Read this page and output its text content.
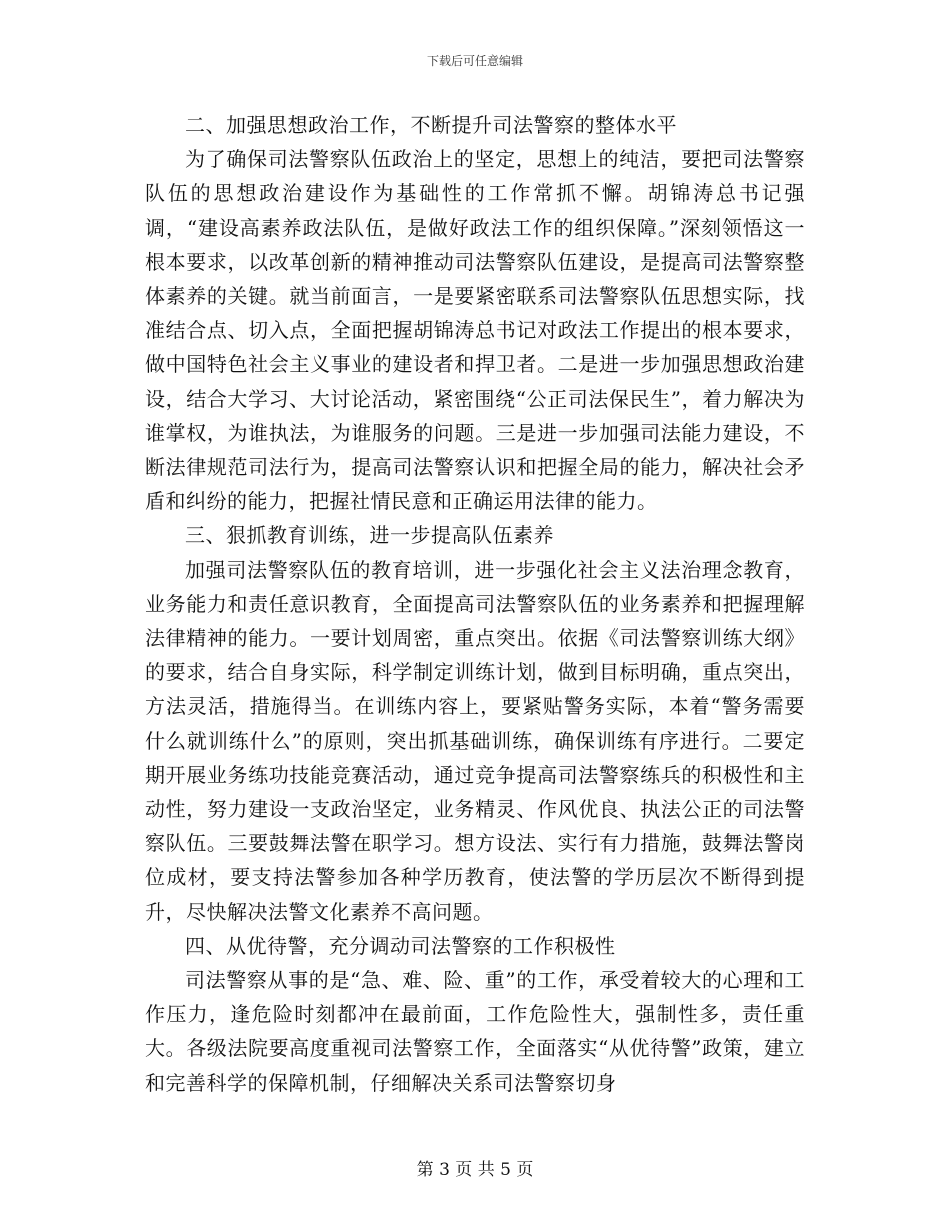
下载后可任意编辑

二、加强思想政治工作，不断提升司法警察的整体水平

为了确保司法警察队伍政治上的坚定，思想上的纯洁，要把司法警察队伍的思想政治建设作为基础性的工作常抓不懈。胡锦涛总书记强调，“建设高素养政法队伍，是做好政法工作的组织保障。”深刻领悟这一根本要求，以改革创新的精神推动司法警察队伍建设，是提高司法警察整体素养的关键。就当前面言，一是要紧密联系司法警察队伍思想实际，找准结合点、切入点，全面把握胡锦涛总书记对政法工作提出的根本要求，做中国特色社会主义事业的建设者和捍卫者。二是进一步加强思想政治建设，结合大学习、大讨论活动，紧密围绕“公正司法保民生”，着力解决为谁掌权，为谁执法，为谁服务的问题。三是进一步加强司法能力建设，不断法律规范司法行为，提高司法警察认识和把握全局的能力，解决社会矛盾和纠纷的能力，把握社情民意和正确运用法律的能力。

三、狠抓教育训练，进一步提高队伍素养

加强司法警察队伍的教育培训，进一步强化社会主义法治理念教育，业务能力和责任意识教育，全面提高司法警察队伍的业务素养和把握理解法律精神的能力。一要计划周密，重点突出。依据《司法警察训练大纲》的要求，结合自身实际，科学制定训练计划，做到目标明确，重点突出，方法灵活，措施得当。在训练内容上，要紧贴警务实际，本着“警务需要什么就训练什么”的原则，突出抓基础训练，确保训练有序进行。二要定期开展业务练功技能竞赛活动，通过竞争提高司法警察练兵的积极性和主动性，努力建设一支政治坚定，业务精灵、作风优良、执法公正的司法警察队伍。三要鼓舞法警在职学习。想方设法、实行有力措施，鼓舞法警岗位成材，要支持法警参加各种学历教育，使法警的学历层次不断得到提升，尽快解决法警文化素养不高问题。

四、从优待警，充分调动司法警察的工作积极性

司法警察从事的是“急、难、险、重”的工作，承受着较大的心理和工作压力，逢危险时刻都冲在最前面，工作危险性大，强制性多，责任重大。各级法院要高度重视司法警察工作，全面落实“从优待警”政策，建立和完善科学的保障机制，仔细解决关系司法警察切身

第 3 页 共 5 页
